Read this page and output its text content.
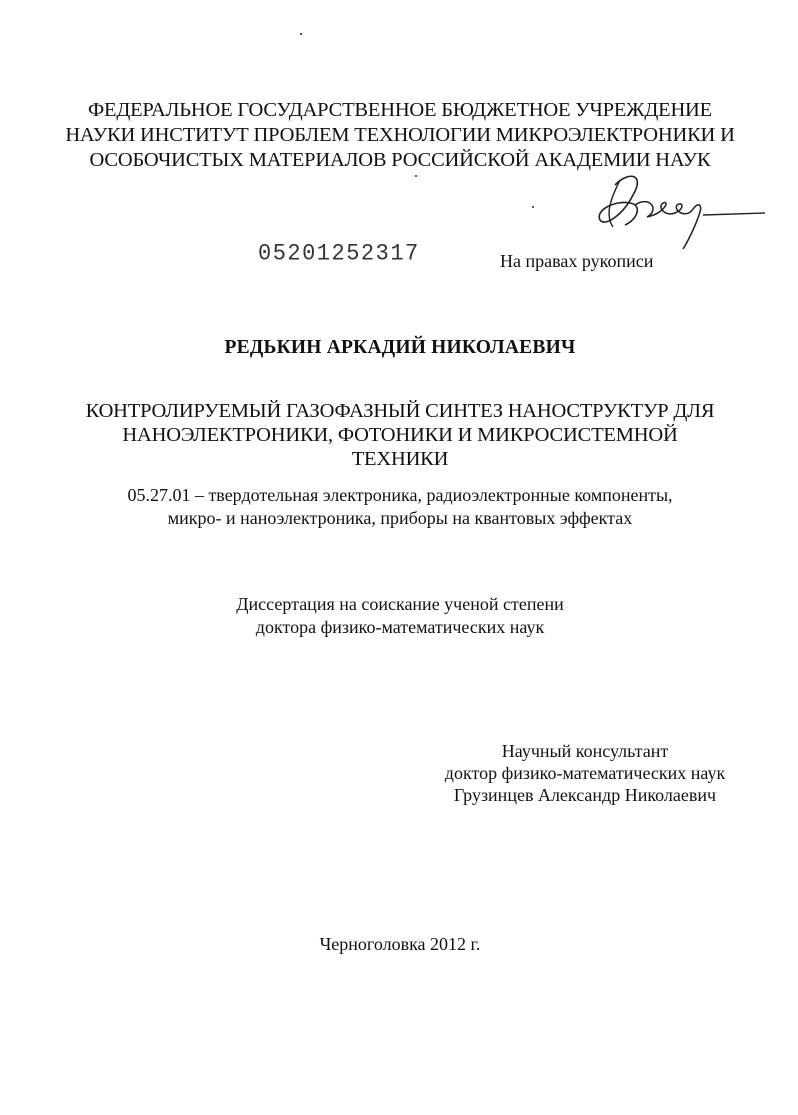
ФЕДЕРАЛЬНОЕ ГОСУДАРСТВЕННОЕ БЮДЖЕТНОЕ УЧРЕЖДЕНИЕ
НАУКИ ИНСТИТУТ ПРОБЛЕМ ТЕХНОЛОГИИ МИКРОЭЛЕКТРОНИКИ И
ОСОБОЧИСТЫХ МАТЕРИАЛОВ РОССИЙСКОЙ АКАДЕМИИ НАУК
05201252317	На правах рукописи
РЕДЬКИН АРКАДИЙ НИКОЛАЕВИЧ
КОНТРОЛИРУЕМЫЙ ГАЗОФАЗНЫЙ СИНТЕЗ НАНОСТРУКТУР ДЛЯ
НАНОЭЛЕКТРОНИКИ, ФОТОНИКИ И МИКРОСИСТЕМНОЙ ТЕХНИКИ
05.27.01 – твердотельная электроника, радиоэлектронные компоненты,
микро- и наноэлектроника, приборы на квантовых эффектах
Диссертация на соискание ученой степени
доктора физико-математических наук
Научный консультант
доктор физико-математических наук
Грузинцев Александр Николаевич
Черноголовка 2012 г.
